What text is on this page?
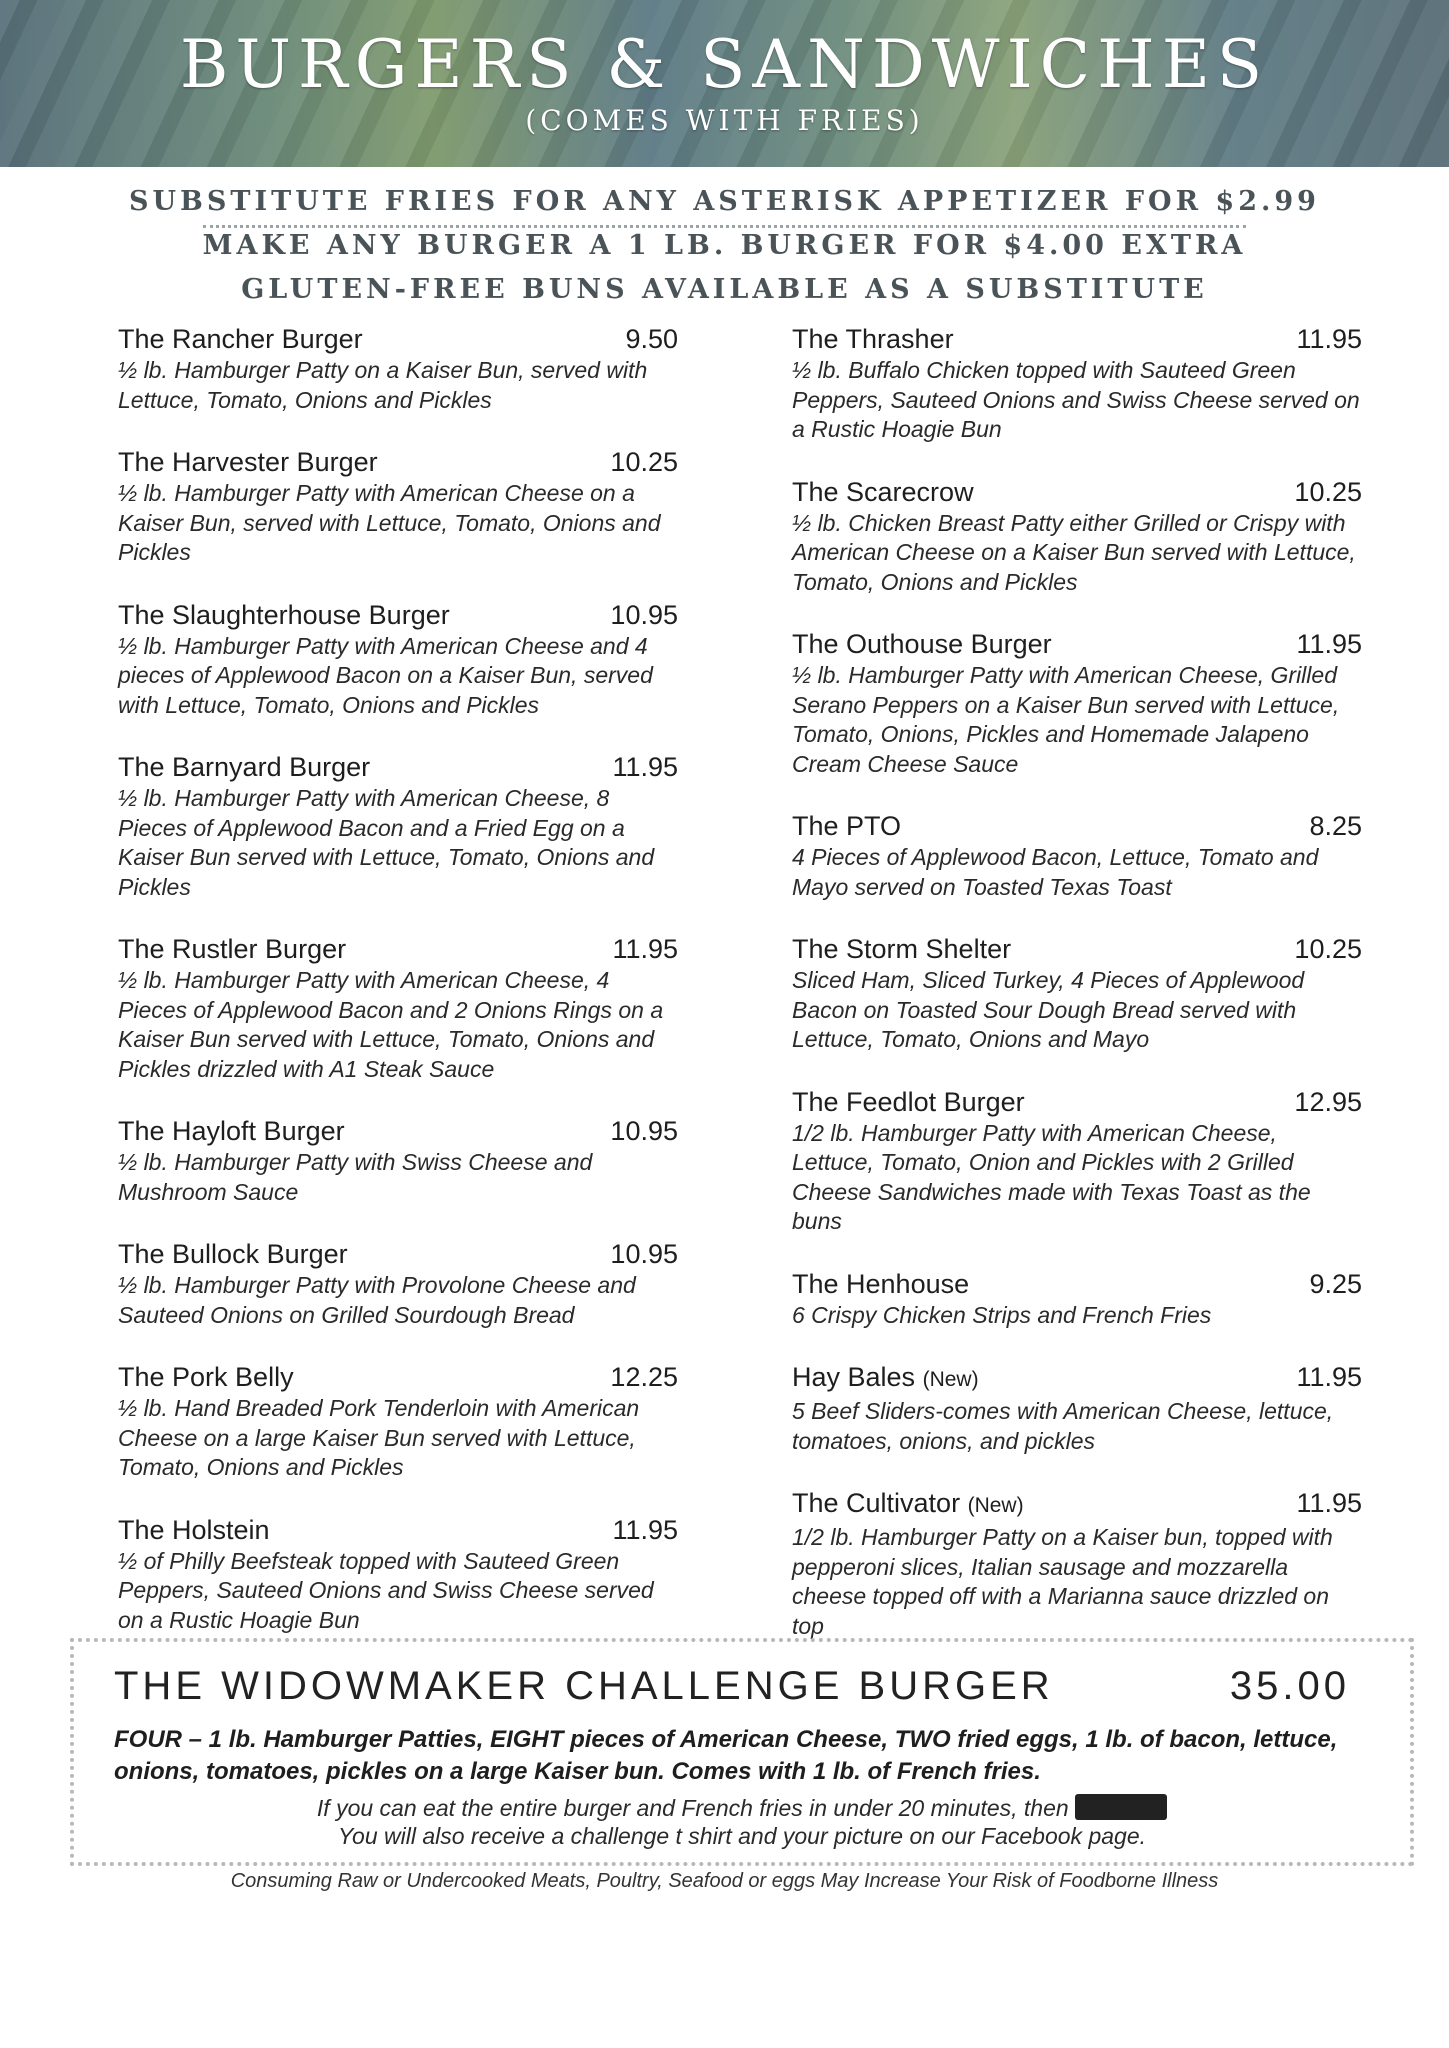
BURGERS & SANDWICHES
(COMES WITH FRIES)
SUBSTITUTE FRIES FOR ANY ASTERISK APPETIZER FOR $2.99
MAKE ANY BURGER A 1 LB. BURGER FOR $4.00 EXTRA
GLUTEN-FREE BUNS AVAILABLE AS A SUBSTITUTE
The Rancher Burger	9.50
½ lb. Hamburger Patty on a Kaiser Bun, served with Lettuce, Tomato, Onions and Pickles
The Harvester Burger	10.25
½ lb. Hamburger Patty with American Cheese on a Kaiser Bun, served with Lettuce, Tomato, Onions and Pickles
The Slaughterhouse Burger	10.95
½ lb. Hamburger Patty with American Cheese and 4 pieces of Applewood Bacon on a Kaiser Bun, served with Lettuce, Tomato, Onions and Pickles
The Barnyard Burger	11.95
½ lb. Hamburger Patty with American Cheese, 8 Pieces of Applewood Bacon and a Fried Egg on a Kaiser Bun served with Lettuce, Tomato, Onions and Pickles
The Rustler Burger	11.95
½ lb. Hamburger Patty with American Cheese, 4 Pieces of Applewood Bacon and 2 Onions Rings on a Kaiser Bun served with Lettuce, Tomato, Onions and Pickles drizzled with A1 Steak Sauce
The Hayloft Burger	10.95
½ lb. Hamburger Patty with Swiss Cheese and Mushroom Sauce
The Bullock Burger	10.95
½ lb. Hamburger Patty with Provolone Cheese and Sauteed Onions on Grilled Sourdough Bread
The Pork Belly	12.25
½ lb. Hand Breaded Pork Tenderloin with American Cheese on a large Kaiser Bun served with Lettuce, Tomato, Onions and Pickles
The Holstein	11.95
½ of Philly Beefsteak topped with Sauteed Green Peppers, Sauteed Onions and Swiss Cheese served on a Rustic Hoagie Bun
The Thrasher	11.95
½ lb. Buffalo Chicken topped with Sauteed Green Peppers, Sauteed Onions and Swiss Cheese served on a Rustic Hoagie Bun
The Scarecrow	10.25
½ lb. Chicken Breast Patty either Grilled or Crispy with American Cheese on a Kaiser Bun served with Lettuce, Tomato, Onions and Pickles
The Outhouse Burger	11.95
½ lb. Hamburger Patty with American Cheese, Grilled Serano Peppers on a Kaiser Bun served with Lettuce, Tomato, Onions, Pickles and Homemade Jalapeno Cream Cheese Sauce
The PTO	8.25
4 Pieces of Applewood Bacon, Lettuce, Tomato and Mayo served on Toasted Texas Toast
The Storm Shelter	10.25
Sliced Ham, Sliced Turkey, 4 Pieces of Applewood Bacon on Toasted Sour Dough Bread served with Lettuce, Tomato, Onions and Mayo
The Feedlot Burger	12.95
1/2 lb. Hamburger Patty with American Cheese, Lettuce, Tomato, Onion and Pickles with 2 Grilled Cheese Sandwiches made with Texas Toast as the buns
The Henhouse	9.25
6 Crispy Chicken Strips and French Fries
Hay Bales (New)	11.95
5 Beef Sliders-comes with American Cheese, lettuce, tomatoes, onions, and pickles
The Cultivator (New)	11.95
1/2 lb. Hamburger Patty on a Kaiser bun, topped with pepperoni slices, Italian sausage and mozzarella cheese topped off with a Marianna sauce drizzled on top
THE WIDOWMAKER CHALLENGE BURGER	35.00
FOUR – 1 lb. Hamburger Patties, EIGHT pieces of American Cheese, TWO fried eggs, 1 lb. of bacon, lettuce, onions, tomatoes, pickles on a large Kaiser bun. Comes with 1 lb. of French fries.
If you can eat the entire burger and French fries in under 20 minutes, then
You will also receive a challenge t shirt and your picture on our Facebook page.
Consuming Raw or Undercooked Meats, Poultry, Seafood or eggs May Increase Your Risk of Foodborne Illness
